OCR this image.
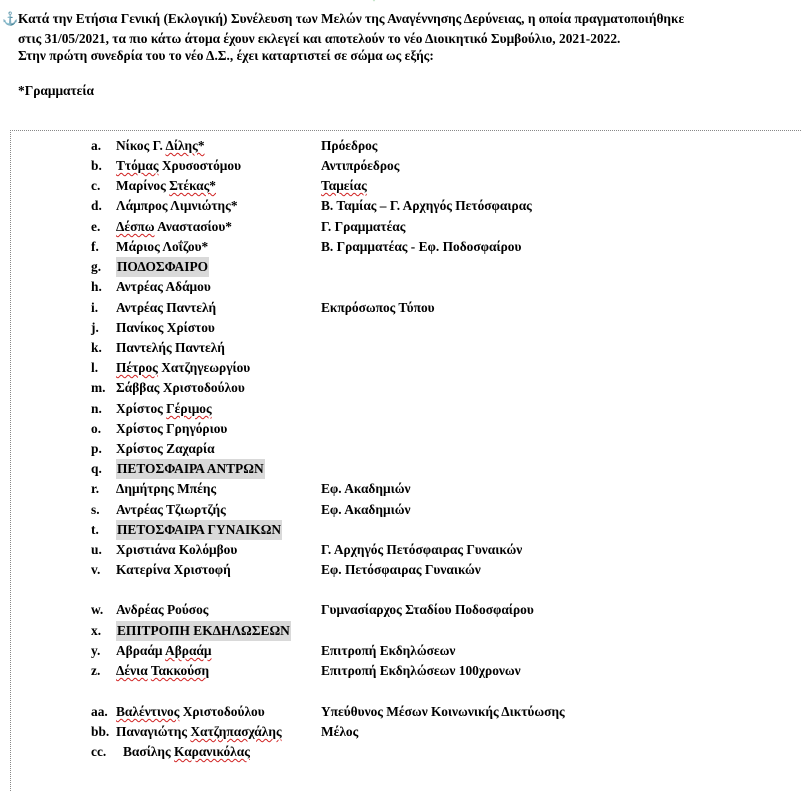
⚓ Κατά την Ετήσια Γενική (Εκλογική) Συνέλευση των Μελών της Αναγέννησης Δερύνειας, η οποία πραγματοποιήθηκε
στις 31/05/2021, τα πιο κάτω άτομα έχουν εκλεγεί και αποτελούν το νέο Διοικητικό Συμβούλιο, 2021-2022.
Στην πρώτη συνεδρία του το νέο Δ.Σ., έχει καταρτιστεί σε σώμα ως εξής:
*Γραμματεία
a. Νίκος Γ. Δίλης*	Πρόεδρος
b. Ττόμας Χρυσοστόμου	Αντιπρόεδρος
c. Μαρίνος Στέκας*	Ταμείας
d. Λάμπρος Λιμνιώτης*	Β. Ταμίας – Γ. Αρχηγός Πετόσφαιρας
e. Δέσπω Αναστασίου*	Γ. Γραμματέας
f. Μάριος Λοΐζου*	Β. Γραμματέας - Εφ. Ποδοσφαίρου
g. ΠΟΔΟΣΦΑΙΡΟ
h. Αντρέας Αδάμου
i. Αντρέας Παντελή	Εκπρόσωπος Τύπου
j. Πανίκος Χρίστου
k. Παντελής Παντελή
l. Πέτρος Χατζηγεωργίου
m. Σάββας Χριστοδούλου
n. Χρίστος Γέριμος
o. Χρίστος Γρηγόριου
p. Χρίστος Ζαχαρία
q. ΠΕΤΟΣΦΑΙΡΑ ΑΝΤΡΩΝ
r. Δημήτρης Μπέης	Εφ. Ακαδημιών
s. Αντρέας Τζιωρτζής	Εφ. Ακαδημιών
t. ΠΕΤΟΣΦΑΙΡΑ ΓΥΝΑΙΚΩΝ
u. Χριστιάνα Κολόμβου	Γ. Αρχηγός Πετόσφαιρας Γυναικών
v. Κατερίνα Χριστοφή	Εφ. Πετόσφαιρας Γυναικών
w. Ανδρέας Ρούσος	Γυμνασίαρχος Σταδίου Ποδοσφαίρου
x. ΕΠΙΤΡΟΠΗ ΕΚΔΗΛΩΣΕΩΝ
y. Αβραάμ Αβραάμ	Επιτροπή Εκδηλώσεων
z. Δένια Τακκούση	Επιτροπή Εκδηλώσεων 100χρονων
aa. Βαλέντινος Χριστοδούλου	Υπεύθυνος Μέσων Κοινωνικής Δικτύωσης
bb. Παναγιώτης Χατζηπασχάλης	Μέλος
cc. Βασίλης Καρανικόλας
